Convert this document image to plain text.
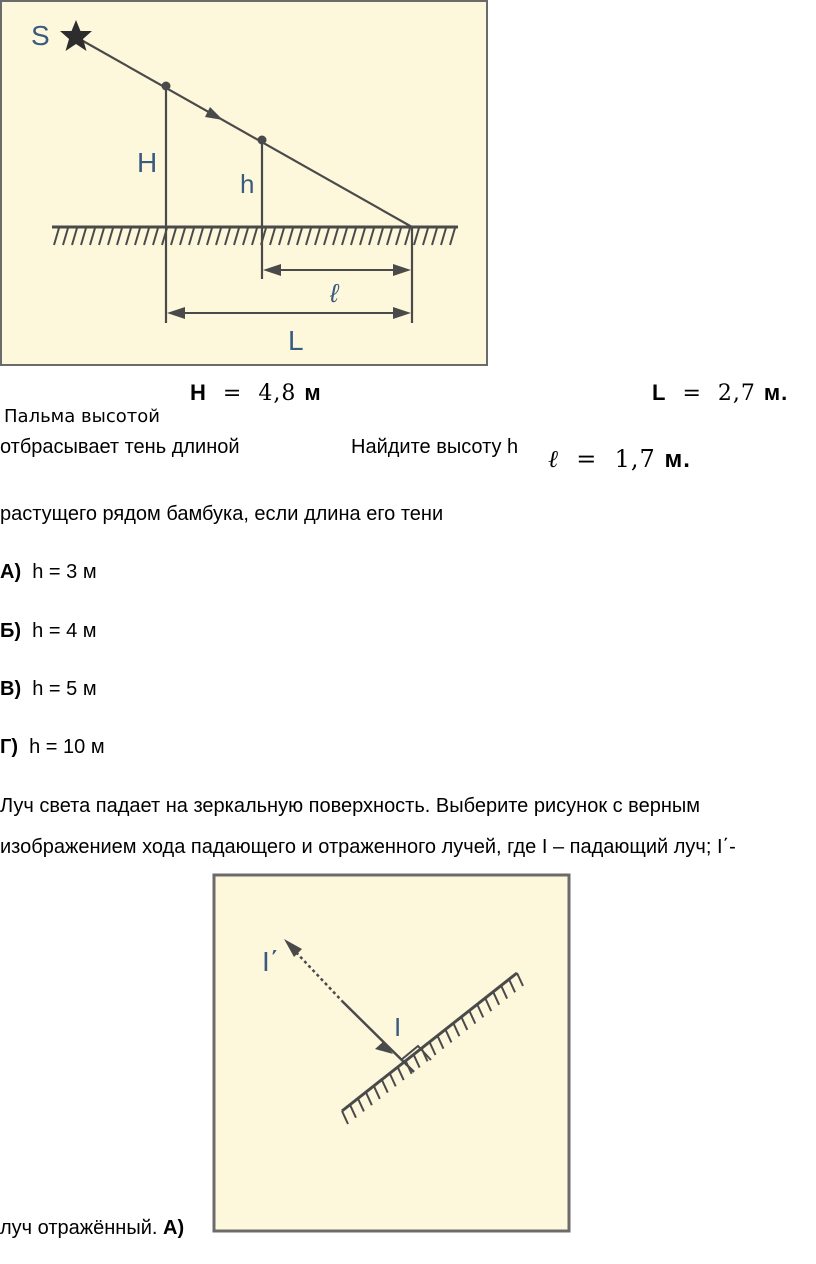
S
H
h
ℓ
L
H = 4,8 м	L = 2,7 м.
ℓ = 1,7 м.
Пальма высотой
отбрасывает тень длиной	Найдите высоту h
растущего рядом бамбука, если длина его тени
А) h = 3 м
Б) h = 4 м
В) h = 5 м
Г) h = 10 м
Луч света падает на зеркальную поверхность. Выберите рисунок с верным
изображением хода падающего и отраженного лучей, где I – падающий луч; I΄-
луч отражённый. А)
I΄
I
